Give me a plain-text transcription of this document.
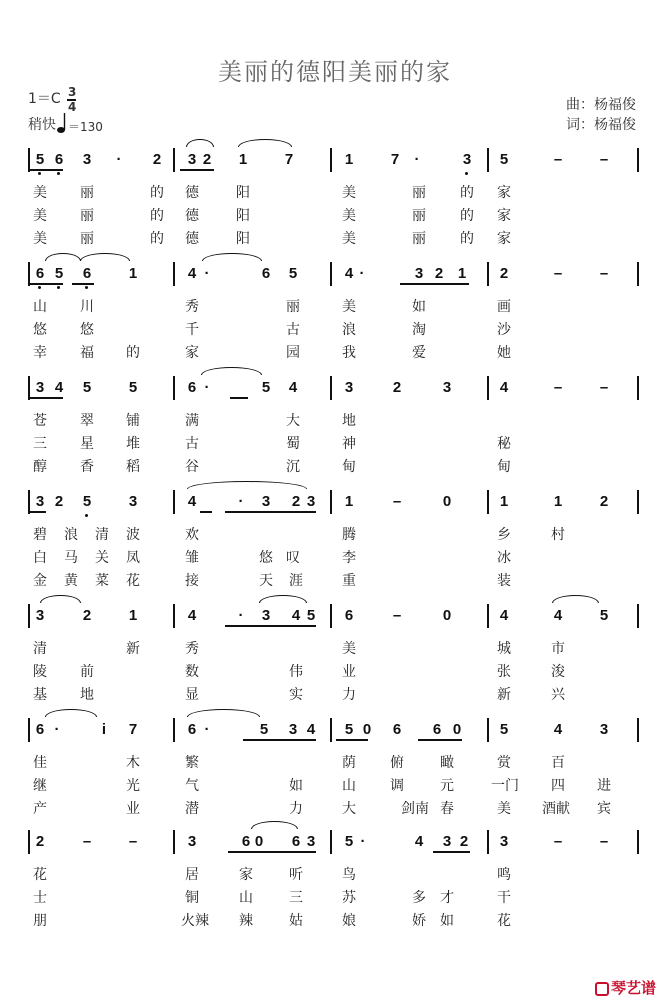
美丽的德阳美丽的家
1＝C 3
4
稍快 ＝130
曲：杨福俊
词：杨福俊
5 6 3	·	2 3 2 1	7	1	7	·	3 5	–	–
美 丽	的 德	阳	美	丽 的 家
美 丽	的 德	阳	美	丽 的 家
美 丽	的 德	阳	美	丽 的 家
6 5 6	1	4 ·	6 5	4 ·	3 2 1 2	–	–
山 川	秀	丽	美	如	画
悠 悠	千	古	浪	淘	沙
幸 福 的	家	园	我	爱	她
3 4 5	5	6 ·	5 4	3	2	3	4	–	–
苍 翠 铺	满	大	地
三 星 堆	古	蜀	神	秘
醇 香 稻	谷	沉	甸	甸
3 2 5	3	4	·	3 2 3 1	–	0	1	1	2
碧 浪 清 波	欢	腾	乡	村
白 马 关 凤	雏	悠 叹	李	冰
金 黄 菜 花	接	天 涯	重	装
3	2	1	4	·	3 4 5 6	–	0	4	4	5
清	新	秀	美	城	市
陵 前	数	伟	业	张	浚
基 地	显	实	力	新	兴
6 ·	i	7	6 ·	5 3 4 5 0 6 6 0	5	4	3
佳	木	繁	荫 俯	瞰	赏	百
继	光	气	如	山 调	元	一门 四 进
产	业	潜	力	大	剑南 春	美 酒献 宾
2	–	–	3	6 0 6 3 5 ·	4 3 2 3	–	–
花	居	家	听	鸟	鸣
士	铜	山	三	苏	多 才	干
朋	火辣 辣	姑	娘	娇 如	花
琴艺谱
